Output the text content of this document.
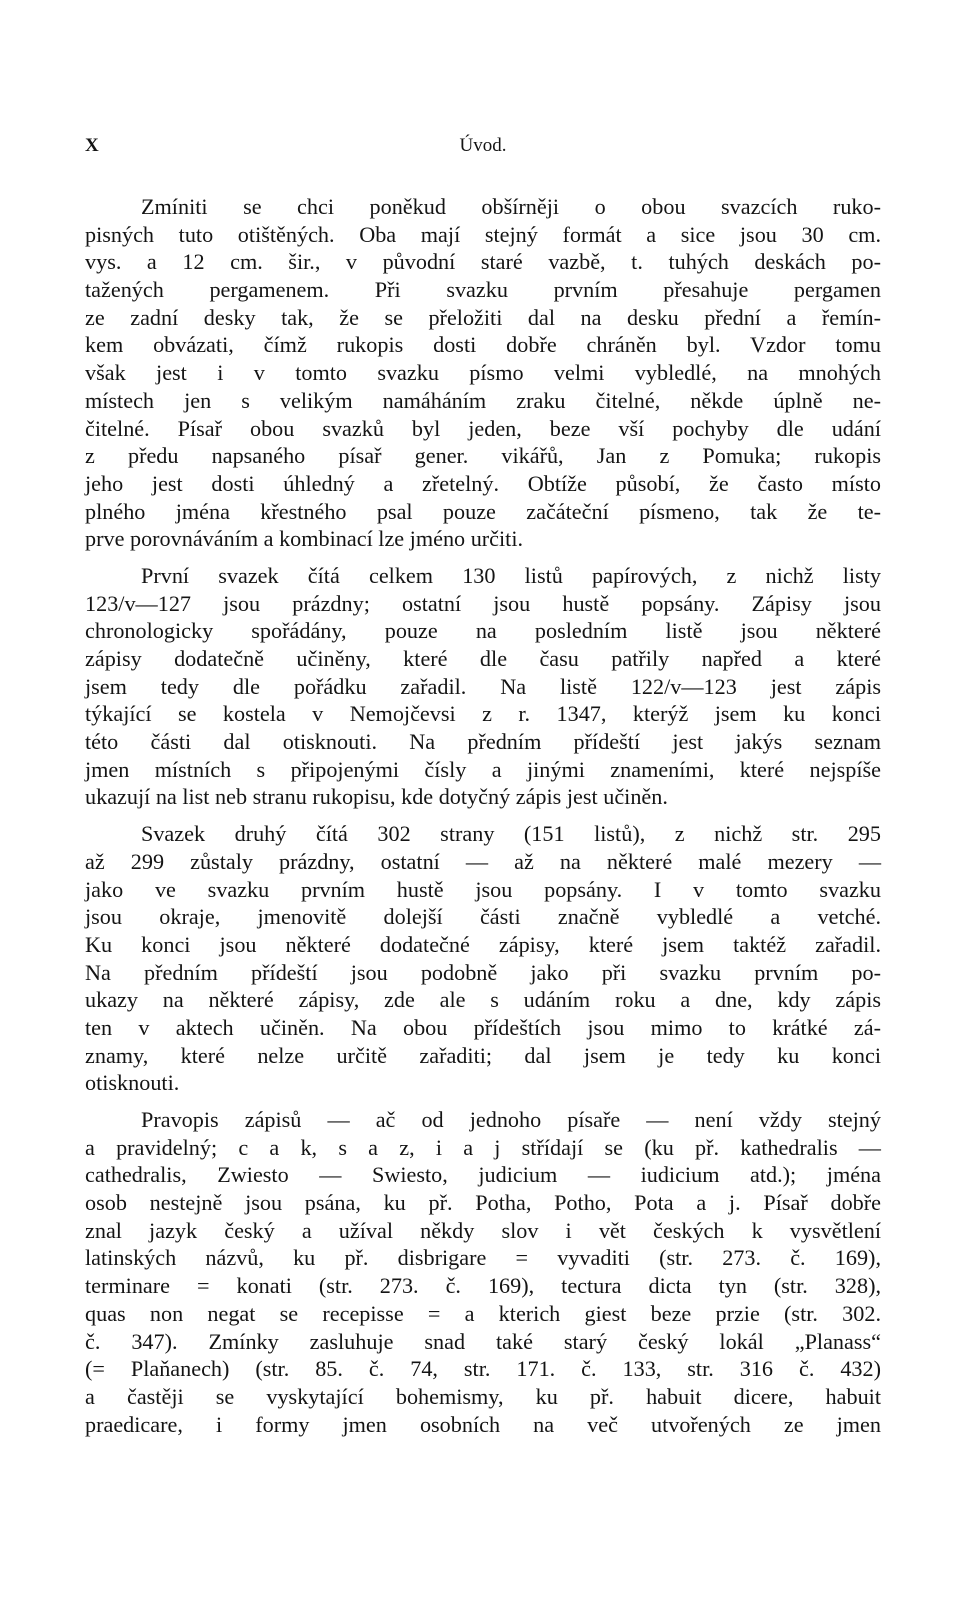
X	Úvod.

Zmíniti se chci poněkud obšírněji o obou svazcích ruko-
pisných tuto otištěných. Oba mají stejný formát a sice jsou 30 cm.
vys. a 12 cm. šir., v původní staré vazbě, t. tuhých deskách po-
tažených pergamenem. Při svazku prvním přesahuje pergamen
ze zadní desky tak, že se přeložiti dal na desku přední a řemín-
kem obvázati, čímž rukopis dosti dobře chráněn byl. Vzdor tomu
však jest i v tomto svazku písmo velmi vybledlé, na mnohých
místech jen s velikým namáháním zraku čitelné, někde úplně ne-
čitelné. Písař obou svazků byl jeden, beze vší pochyby dle udání
z předu napsaného písař gener. vikářů, Jan z Pomuka; rukopis
jeho jest dosti úhledný a zřetelný. Obtíže působí, že často místo
plného jména křestného psal pouze začáteční písmeno, tak že te-
prve porovnáváním a kombinací lze jméno určiti.

První svazek čítá celkem 130 listů papírových, z nichž listy
123/v—127 jsou prázdny; ostatní jsou hustě popsány. Zápisy jsou
chronologicky spořádány, pouze na posledním listě jsou některé
zápisy dodatečně učiněny, které dle času patřily napřed a které
jsem tedy dle pořádku zařadil. Na listě 122/v—123 jest zápis
týkající se kostela v Nemojčevsi z r. 1347, kterýž jsem ku konci
této části dal otisknouti. Na předním přídeští jest jakýs seznam
jmen místních s připojenými čísly a jinými znameními, které nejspíše
ukazují na list neb stranu rukopisu, kde dotyčný zápis jest učiněn.

Svazek druhý čítá 302 strany (151 listů), z nichž str. 295
až 299 zůstaly prázdny, ostatní — až na některé malé mezery —
jako ve svazku prvním hustě jsou popsány. I v tomto svazku
jsou okraje, jmenovitě dolejší části značně vybledlé a vetché.
Ku konci jsou některé dodatečné zápisy, které jsem taktéž zařadil.
Na předním přídeští jsou podobně jako při svazku prvním po-
ukazy na některé zápisy, zde ale s udáním roku a dne, kdy zápis
ten v aktech učiněn. Na obou přídeštích jsou mimo to krátké zá-
znamy, které nelze určitě zařaditi; dal jsem je tedy ku konci
otisknouti.

Pravopis zápisů — ač od jednoho písaře — není vždy stejný
a pravidelný; c a k, s a z, i a j střídají se (ku př. kathedralis —
cathedralis, Zwiesto — Swiesto, judicium — iudicium atd.); jména
osob nestejně jsou psána, ku př. Potha, Potho, Pota a j. Písař dobře
znal jazyk český a užíval někdy slov i vět českých k vysvětlení
latinských názvů, ku př. disbrigare = vyvaditi (str. 273. č. 169),
terminare = konati (str. 273. č. 169), tectura dicta tyn (str. 328),
quas non negat se recepisse = a kterich giest beze przie (str. 302.
č. 347). Zmínky zasluhuje snad také starý český lokál „Planass“
(= Plaňanech) (str. 85. č. 74, str. 171. č. 133, str. 316 č. 432)
a častěji se vyskytající bohemismy, ku př. habuit dicere, habuit
praedicare, i formy jmen osobních na več utvořených ze jmen
